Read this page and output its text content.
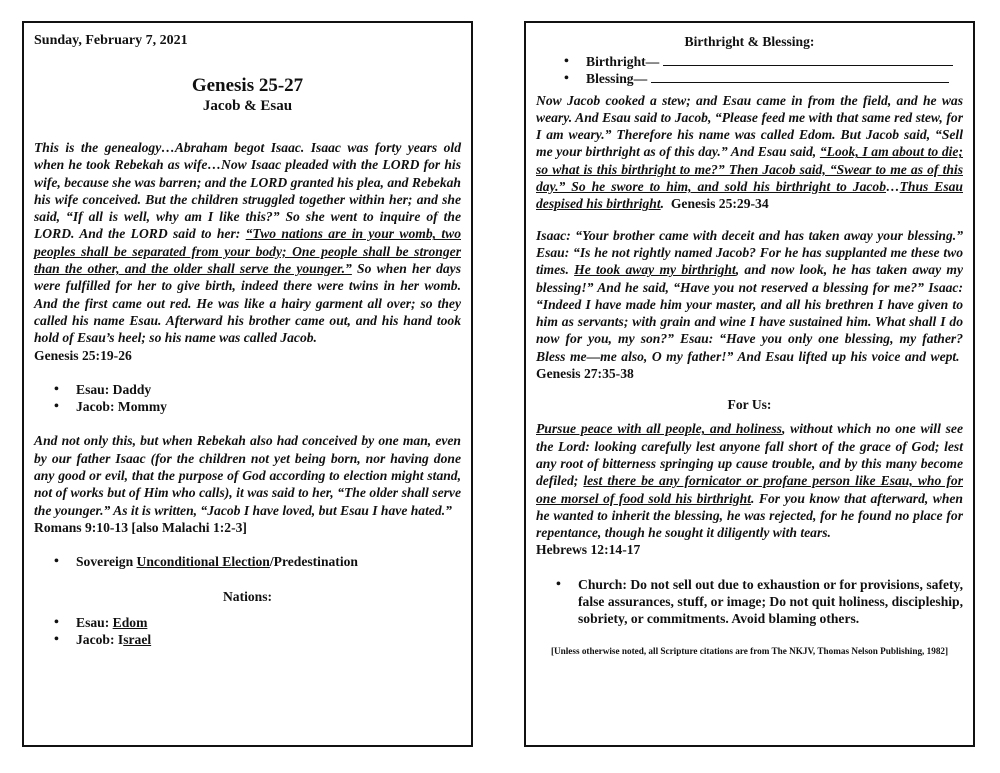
Sunday, February 7, 2021

Genesis 25-27

Jacob & Esau

This is the genealogy…Abraham begot Isaac. Isaac was forty years old when he took Rebekah as wife…Now Isaac pleaded with the LORD for his wife, because she was barren; and the LORD granted his plea, and Rebekah his wife conceived. But the children struggled together within her; and she said, “If all is well, why am I like this?” So she went to inquire of the LORD. And the LORD said to her: “Two nations are in your womb, two peoples shall be separated from your body; One people shall be stronger than the other, and the older shall serve the younger.” So when her days were fulfilled for her to give birth, indeed there were twins in her womb. And the first came out red. He was like a hairy garment all over; so they called his name Esau. Afterward his brother came out, and his hand took hold of Esau’s heel; so his name was called Jacob.

Genesis 25:19-26

• Esau: Daddy
• Jacob: Mommy

And not only this, but when Rebekah also had conceived by one man, even by our father Isaac (for the children not yet being born, nor having done any good or evil, that the purpose of God according to election might stand, not of works but of Him who calls), it was said to her, “The older shall serve the younger.” As it is written, “Jacob I have loved, but Esau I have hated.”

Romans 9:10-13 [also Malachi 1:2-3]

• Sovereign Unconditional Election/Predestination

Nations:

• Esau: Edom
• Jacob: Israel

Birthright & Blessing:

• Birthright—
• Blessing—

Now Jacob cooked a stew; and Esau came in from the field, and he was weary. And Esau said to Jacob, “Please feed me with that same red stew, for I am weary.” Therefore his name was called Edom. But Jacob said, “Sell me your birthright as of this day.” And Esau said, “Look, I am about to die; so what is this birthright to me?” Then Jacob said, “Swear to me as of this day.” So he swore to him, and sold his birthright to Jacob…Thus Esau despised his birthright. Genesis 25:29-34

Isaac: “Your brother came with deceit and has taken away your blessing.” Esau: “Is he not rightly named Jacob? For he has supplanted me these two times. He took away my birthright, and now look, he has taken away my blessing!” And he said, “Have you not reserved a blessing for me?” Isaac: “Indeed I have made him your master, and all his brethren I have given to him as servants; with grain and wine I have sustained him. What shall I do now for you, my son?” Esau: “Have you only one blessing, my father? Bless me—me also, O my father!” And Esau lifted up his voice and wept.  Genesis 27:35-38

For Us:

Pursue peace with all people, and holiness, without which no one will see the Lord: looking carefully lest anyone fall short of the grace of God; lest any root of bitterness springing up cause trouble, and by this many become defiled; lest there be any fornicator or profane person like Esau, who for one morsel of food sold his birthright. For you know that afterward, when he wanted to inherit the blessing, he was rejected, for he found no place for repentance, though he sought it diligently with tears.

Hebrews 12:14-17

• Church: Do not sell out due to exhaustion or for provisions, safety, false assurances, stuff, or image; Do not quit holiness, discipleship, sobriety, or commitments. Avoid blaming others.

[Unless otherwise noted, all Scripture citations are from The NKJV, Thomas Nelson Publishing, 1982]
